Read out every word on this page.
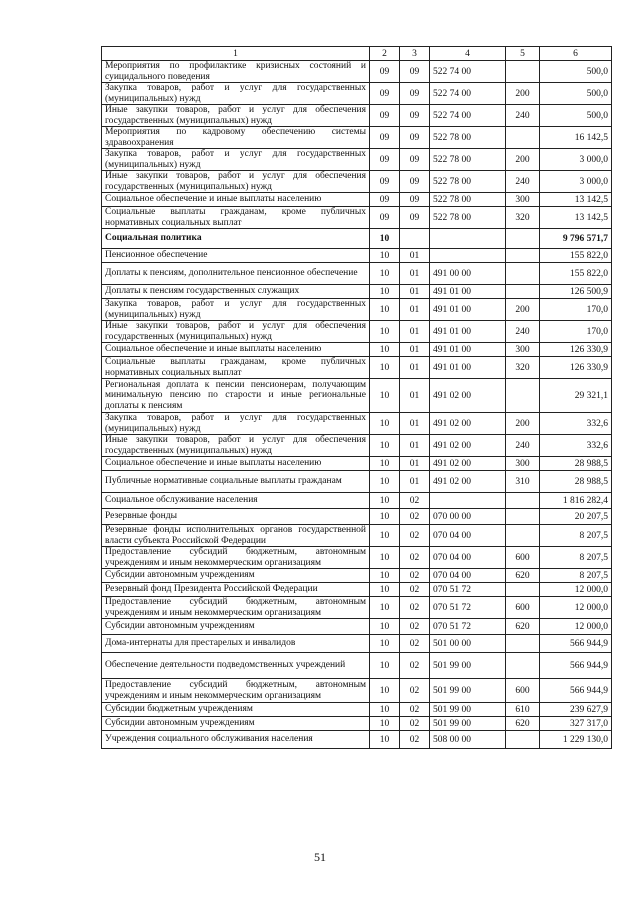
1	2	3	4	5	6
Мероприятия по профилактике кризисных состояний и суицидального поведения	09	09	522 74 00		500,0
Закупка товаров, работ и услуг для государственных (муниципальных) нужд	09	09	522 74 00	200	500,0
Иные закупки товаров, работ и услуг для обеспечения государственных (муниципальных) нужд	09	09	522 74 00	240	500,0
Мероприятия по кадровому обеспечению системы здравоохранения	09	09	522 78 00		16 142,5
Закупка товаров, работ и услуг для государственных (муниципальных) нужд	09	09	522 78 00	200	3 000,0
Иные закупки товаров, работ и услуг для обеспечения государственных (муниципальных) нужд	09	09	522 78 00	240	3 000,0
Социальное обеспечение и иные выплаты населению	09	09	522 78 00	300	13 142,5
Социальные выплаты гражданам, кроме публичных нормативных социальных выплат	09	09	522 78 00	320	13 142,5
Социальная политика	10				9 796 571,7
Пенсионное обеспечение	10	01			155 822,0
Доплаты к пенсиям, дополнительное пенсионное обеспечение	10	01	491 00 00		155 822,0
Доплаты к пенсиям государственных служащих	10	01	491 01 00		126 500,9
Закупка товаров, работ и услуг для государственных (муниципальных) нужд	10	01	491 01 00	200	170,0
Иные закупки товаров, работ и услуг для обеспечения государственных (муниципальных) нужд	10	01	491 01 00	240	170,0
Социальное обеспечение и иные выплаты населению	10	01	491 01 00	300	126 330,9
Социальные выплаты гражданам, кроме публичных нормативных социальных выплат	10	01	491 01 00	320	126 330,9
Региональная доплата к пенсии пенсионерам, получающим минимальную пенсию по старости и иные региональные доплаты к пенсиям	10	01	491 02 00		29 321,1
Закупка товаров, работ и услуг для государственных (муниципальных) нужд	10	01	491 02 00	200	332,6
Иные закупки товаров, работ и услуг для обеспечения государственных (муниципальных) нужд	10	01	491 02 00	240	332,6
Социальное обеспечение и иные выплаты населению	10	01	491 02 00	300	28 988,5
Публичные нормативные социальные выплаты гражданам	10	01	491 02 00	310	28 988,5
Социальное обслуживание населения	10	02			1 816 282,4
Резервные фонды	10	02	070 00 00		20 207,5
Резервные фонды исполнительных органов государственной власти субъекта Российской Федерации	10	02	070 04 00		8 207,5
Предоставление субсидий бюджетным, автономным учреждениям и иным некоммерческим организациям	10	02	070 04 00	600	8 207,5
Субсидии автономным учреждениям	10	02	070 04 00	620	8 207,5
Резервный фонд Президента Российской Федерации	10	02	070 51 72		12 000,0
Предоставление субсидий бюджетным, автономным учреждениям и иным некоммерческим организациям	10	02	070 51 72	600	12 000,0
Субсидии автономным учреждениям	10	02	070 51 72	620	12 000,0
Дома-интернаты для престарелых и инвалидов	10	02	501 00 00		566 944,9
Обеспечение деятельности подведомственных учреждений	10	02	501 99 00		566 944,9
Предоставление субсидий бюджетным, автономным учреждениям и иным некоммерческим организациям	10	02	501 99 00	600	566 944,9
Субсидии бюджетным учреждениям	10	02	501 99 00	610	239 627,9
Субсидии автономным учреждениям	10	02	501 99 00	620	327 317,0
Учреждения социального обслуживания населения	10	02	508 00 00		1 229 130,0
51
